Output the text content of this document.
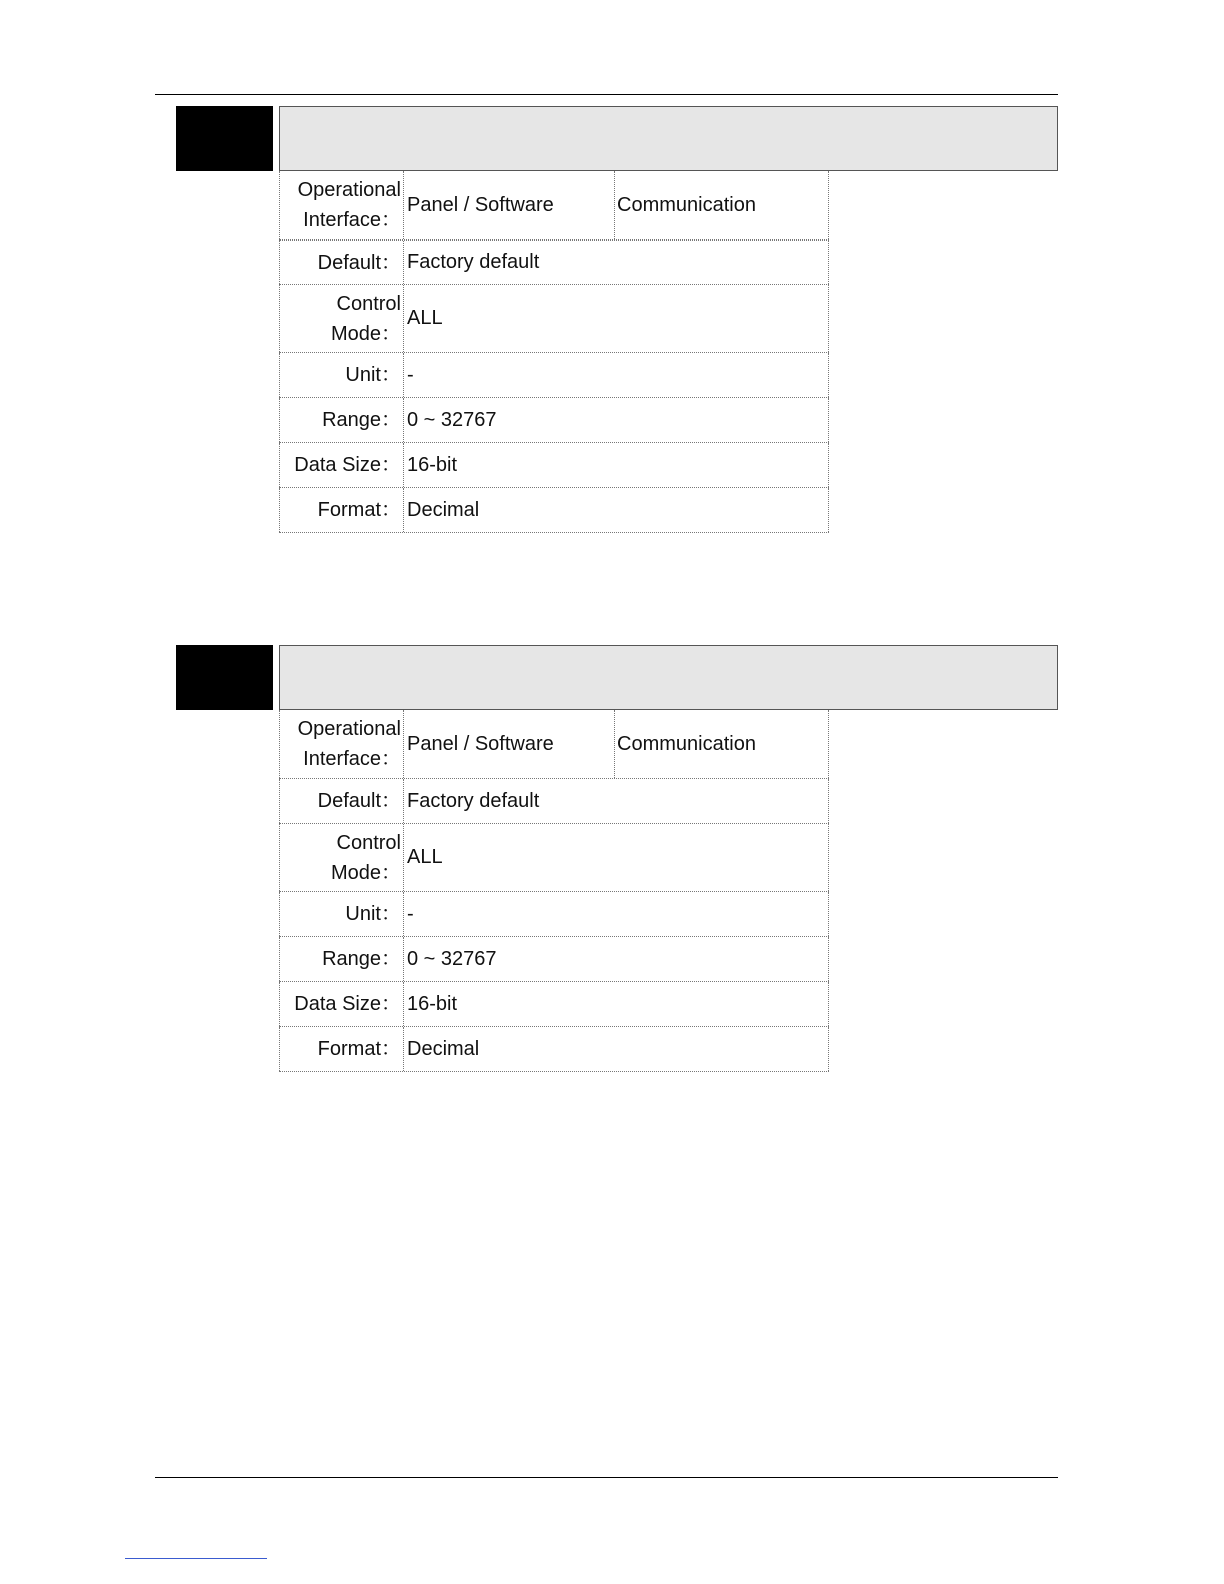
Operational
Interface：
Panel / Software	Communication
Default： Factory default
Control
Mode：
ALL
Unit： -
Range： 0 ~ 32767
Data Size： 16-bit
Format： Decimal
Operational
Interface：
Panel / Software	Communication
Default： Factory default
Control
Mode：
ALL
Unit： -
Range： 0 ~ 32767
Data Size： 16-bit
Format： Decimal
